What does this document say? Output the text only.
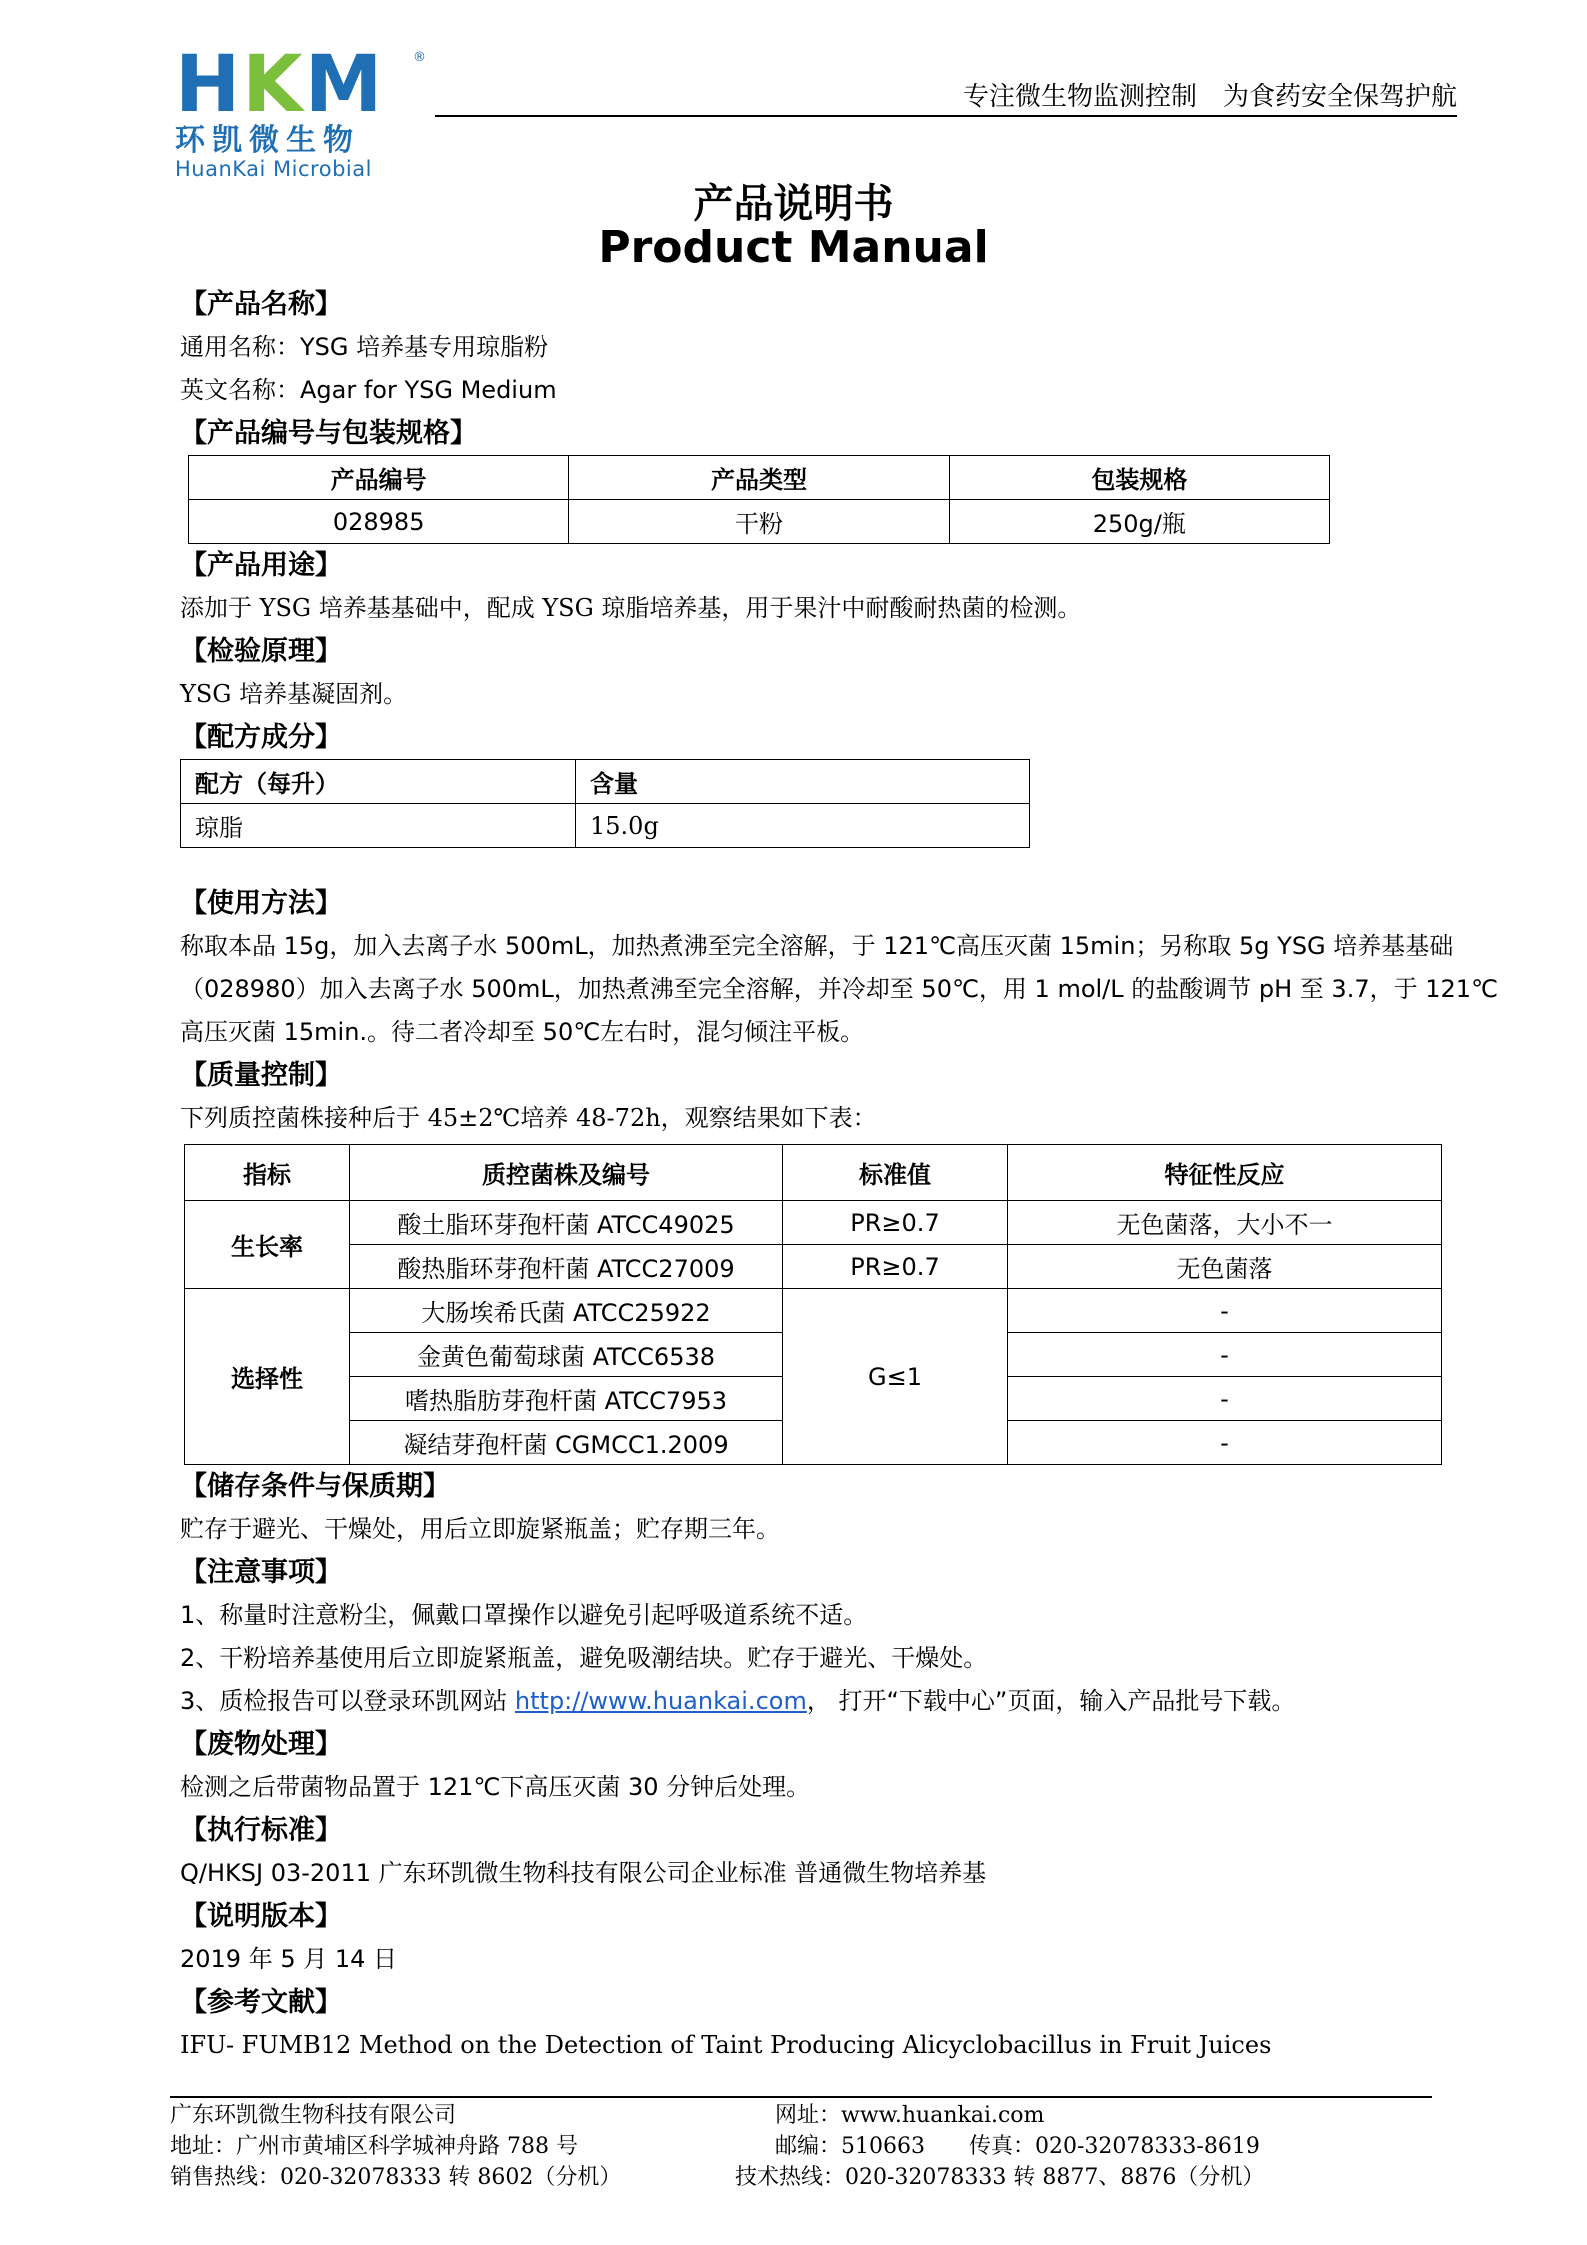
HKM	®
环凯微生物
HuanKai Microbial
专注微生物监测控制　为食药安全保驾护航
产品说明书
Product Manual
【产品名称】
通用名称：YSG 培养基专用琼脂粉
英文名称：Agar for YSG Medium
【产品编号与包装规格】
产品编号	产品类型	包装规格
028985	干粉	250g/瓶
【产品用途】
添加于 YSG 培养基基础中，配成 YSG 琼脂培养基，用于果汁中耐酸耐热菌的检测。
【检验原理】
YSG 培养基凝固剂。
【配方成分】
配方（每升）	含量
琼脂	15.0g
【使用方法】
称取本品 15g，加入去离子水 500mL，加热煮沸至完全溶解，于 121℃高压灭菌 15min；另称取 5g YSG 培养基基础
（028980）加入去离子水 500mL，加热煮沸至完全溶解，并冷却至 50℃，用 1 mol/L 的盐酸调节 pH 至 3.7，于 121℃
高压灭菌 15min.。待二者冷却至 50℃左右时，混匀倾注平板。
【质量控制】
下列质控菌株接种后于 45±2℃培养 48-72h，观察结果如下表：
指标	质控菌株及编号	标准值	特征性反应
生长率	酸土脂环芽孢杆菌 ATCC49025	PR≥0.7	无色菌落，大小不一
	酸热脂环芽孢杆菌 ATCC27009	PR≥0.7	无色菌落
选择性	大肠埃希氏菌 ATCC25922	G≤1	-
	金黄色葡萄球菌 ATCC6538		-
	嗜热脂肪芽孢杆菌 ATCC7953		-
	凝结芽孢杆菌 CGMCC1.2009		-
【储存条件与保质期】
贮存于避光、干燥处，用后立即旋紧瓶盖；贮存期三年。
【注意事项】
1、称量时注意粉尘，佩戴口罩操作以避免引起呼吸道系统不适。
2、干粉培养基使用后立即旋紧瓶盖，避免吸潮结块。贮存于避光、干燥处。
3、质检报告可以登录环凯网站 http://www.huankai.com， 打开“下载中心”页面，输入产品批号下载。
【废物处理】
检测之后带菌物品置于 121℃下高压灭菌 30 分钟后处理。
【执行标准】
Q/HKSJ 03-2011 广东环凯微生物科技有限公司企业标准 普通微生物培养基
【说明版本】
2019 年 5 月 14 日
【参考文献】
IFU- FUMB12 Method on the Detection of Taint Producing Alicyclobacillus in Fruit Juices
广东环凯微生物科技有限公司
地址：广州市黄埔区科学城神舟路 788 号
销售热线：020-32078333 转 8602（分机）
网址：www.huankai.com
邮编：510663　　 传真：020-32078333-8619
技术热线：020-32078333 转 8877、8876（分机）
